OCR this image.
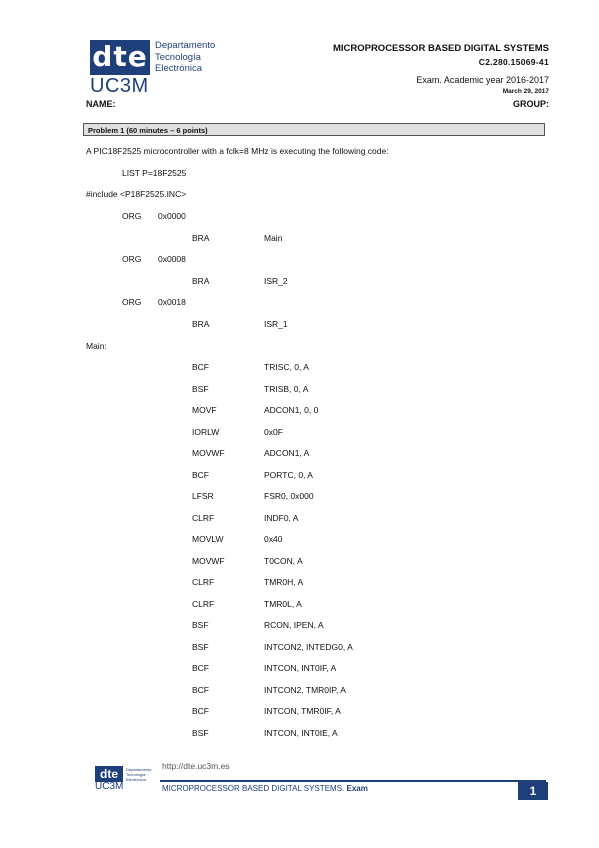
dte Departamento
Tecnología
Electrónica
UC3M
MICROPROCESSOR BASED DIGITAL SYSTEMS
C2.280.15069-41
Exam. Academic year 2016-2017
March 29, 2017
NAME:	GROUP:
Problem 1 (60 minutes – 6 points)
A PIC18F2525 microcontroller with a fclk=8 MHz is executing the following code:
LIST P=18F2525
#include <P18F2525.INC>
ORG 0x0000
BRA	Main
ORG 0x0008
BRA	ISR_2
ORG 0x0018
BRA	ISR_1
Main:
BCF	TRISC, 0, A
BSF	TRISB, 0, A
MOVF	ADCON1, 0, 0
IORLW	0x0F
MOVWF	ADCON1, A
BCF	PORTC, 0, A
LFSR	FSR0, 0x000
CLRF	INDF0, A
MOVLW	0x40
MOVWF	T0CON, A
CLRF	TMR0H, A
CLRF	TMR0L, A
BSF	RCON, IPEN, A
BSF	INTCON2, INTEDG0, A
BCF	INTCON, INT0IF, A
BCF	INTCON2, TMR0IP, A
BCF	INTCON, TMR0IF, A
BSF	INTCON, INT0IE, A
dte	Departamento
Tecnología
Electrónica
UC3M
http://dte.uc3m.es
MICROPROCESSOR BASED DIGITAL SYSTEMS. Exam	1
